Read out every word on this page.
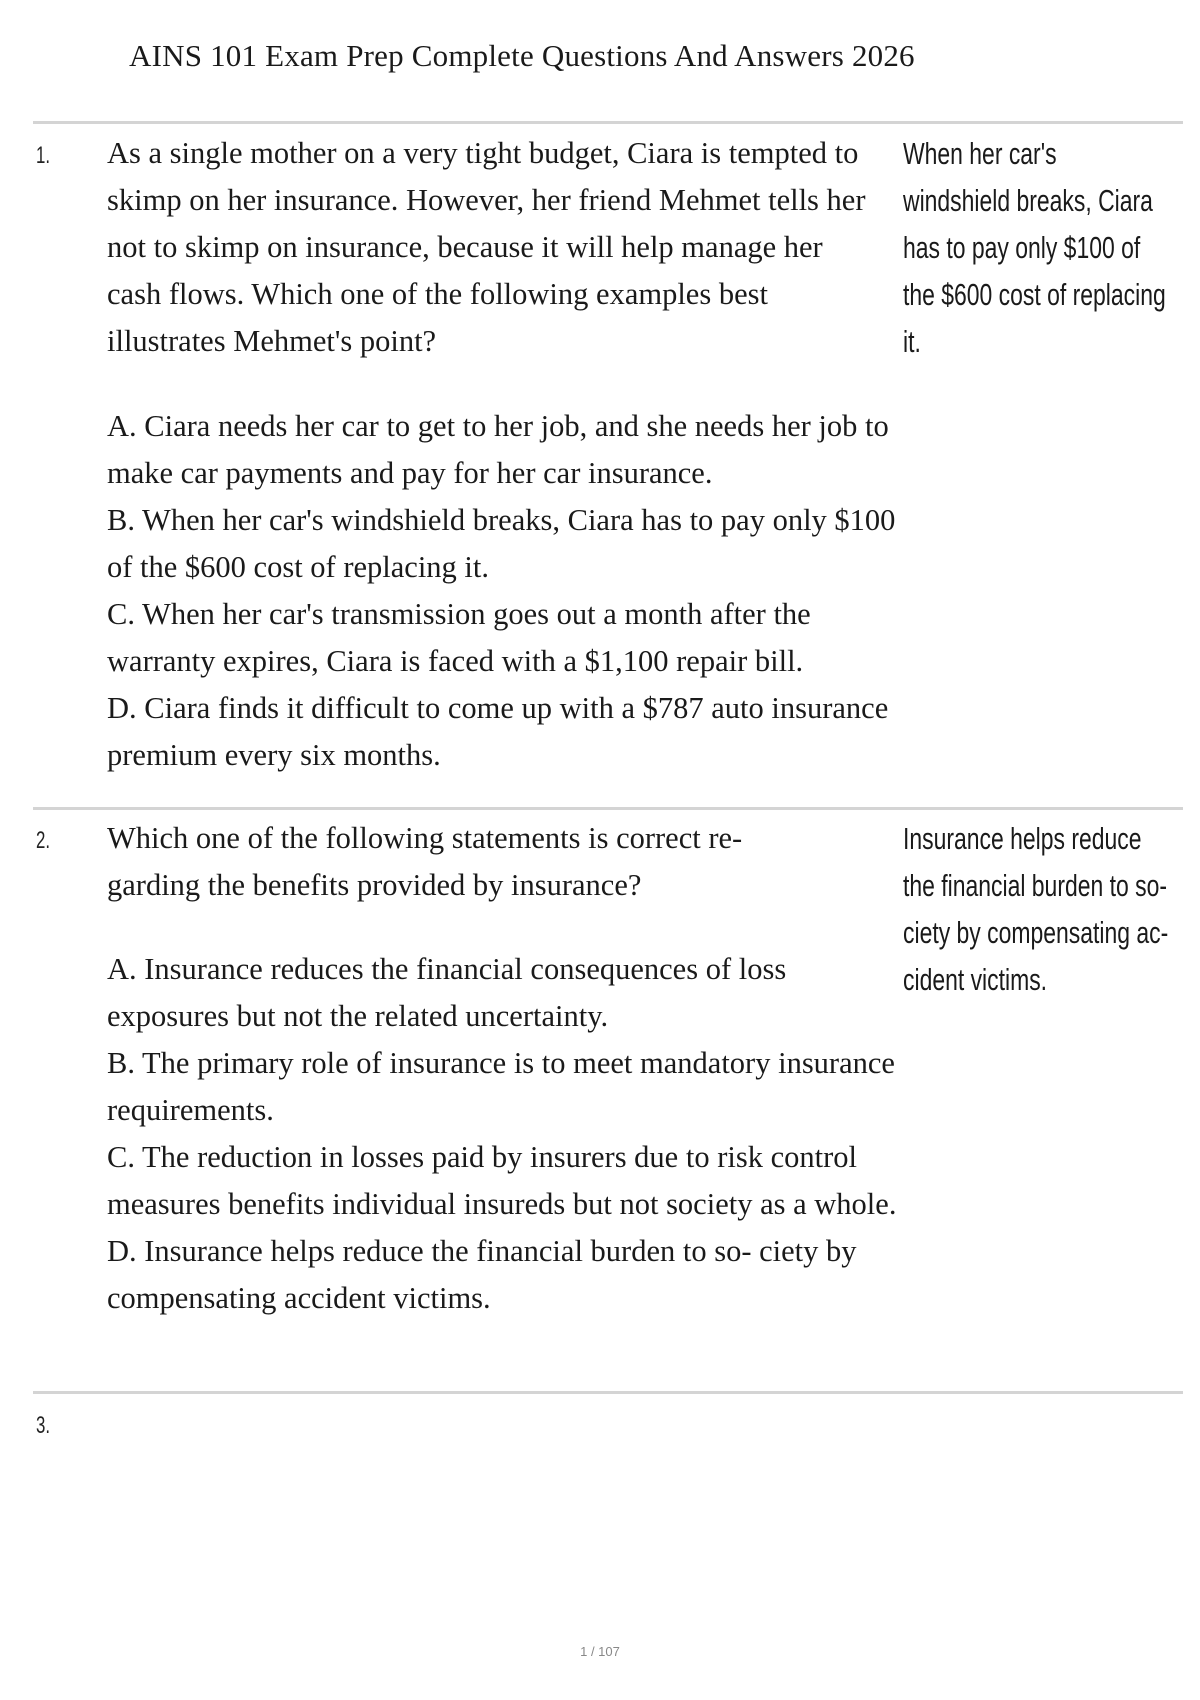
AINS 101 Exam Prep Complete Questions And Answers 2026
1. As a single mother on a very tight budget, Ciara is tempted to skimp on her insurance. However, her friend Mehmet tells her not to skimp on insurance, because it will help manage her cash flows. Which one of the following examples best illustrates Mehmet's point?

A. Ciara needs her car to get to her job, and she needs her job to make car payments and pay for her car insurance.
B. When her car's windshield breaks, Ciara has to pay only $100 of the $600 cost of replacing it.
C. When her car's transmission goes out a month after the warranty expires, Ciara is faced with a $1,100 repair bill.
D. Ciara finds it difficult to come up with a $787 auto insurance premium every six months.
When her car's windshield breaks, Ciara has to pay only $100 of the $600 cost of replacing it.
2. Which one of the following statements is correct re- garding the benefits provided by insurance?

A. Insurance reduces the financial consequences of loss exposures but not the related uncertainty.
B. The primary role of insurance is to meet mandatory insurance requirements.
C. The reduction in losses paid by insurers due to risk control measures benefits individual insureds but not society as a whole.
D. Insurance helps reduce the financial burden to so- ciety by compensating accident victims.
Insurance helps reduce the financial burden to so- ciety by compensating ac- cident victims.
3.
1 / 107
